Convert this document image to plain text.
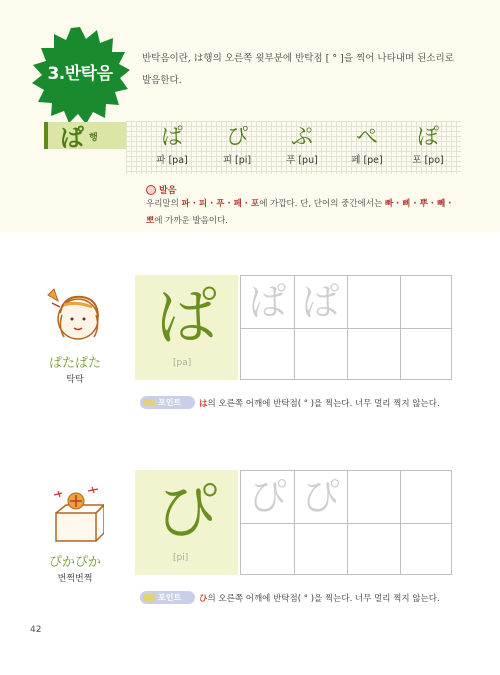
3.반탁음
반탁음이란, は행의 오른쪽 윗부분에 반탁점 [ ° ]을 찍어 나타내며 된소리로 발음한다.
ぱ 행	ぱ
파 [pa]
ぴ
피 [pi]
ぷ
푸 [pu]
ぺ
페 [pe]
ぽ
포 [po]
발음
우리말의 파 · 피 · 푸 · 페 · 포에 가깝다. 단, 단어의 중간에서는 빠 · 삐 · 뿌 · 뻬 ·
뽀에 가까운 발음이다.
ぱたぱた
탁탁
ぱ
[pa]
ぱ ぱ
포인트 は의 오른쪽 어깨에 반탁점( ° )을 찍는다. 너무 멀리 찍지 않는다.
ぴかぴか
번쩍번쩍
ぴ
[pi]
ぴ ぴ
포인트 ひ의 오른쪽 어깨에 반탁점( ° )을 찍는다. 너무 멀리 찍지 않는다.
42
